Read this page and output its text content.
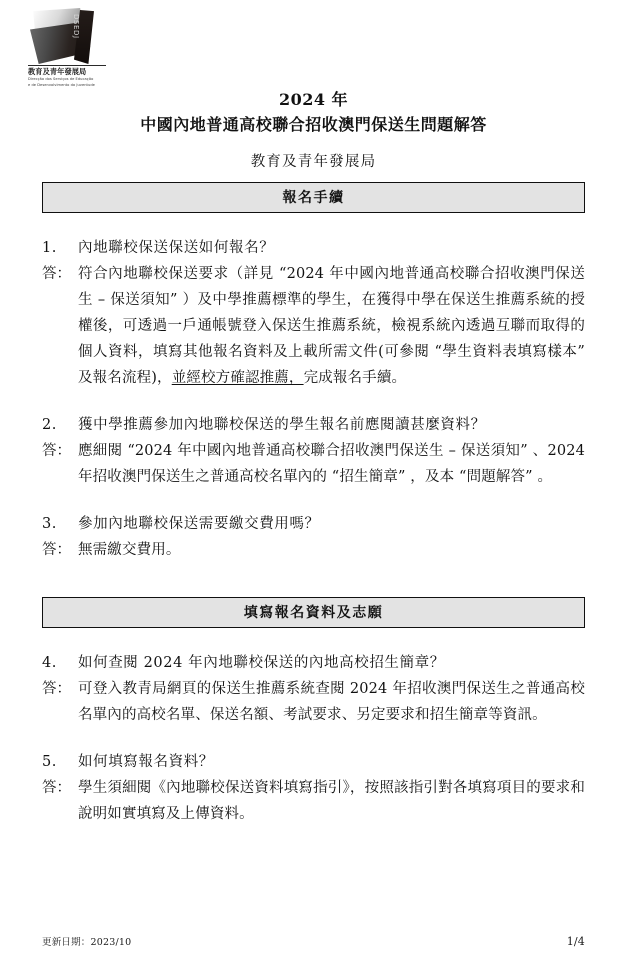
DSEDJ
教育及青年發展局
Direcção dos Serviços de Educação
e de Desenvolvimento da Juventude
2024 年
中國內地普通高校聯合招收澳門保送生問題解答
教育及青年發展局
報名手續
1.	內地聯校保送保送如何報名？
答： 符合內地聯校保送要求（詳見 “2024 年中國內地普通高校聯合招收澳門保送生 – 保送須知” ）及中學推薦標準的學生，在獲得中學在保送生推薦系統的授權後，可透過一戶通帳號登入保送生推薦系統，檢視系統內透過互聯而取得的個人資料，填寫其他報名資料及上載所需文件(可參閱 “學生資料表填寫樣本” 及報名流程)，並經校方確認推薦，完成報名手續。
2.	獲中學推薦參加內地聯校保送的學生報名前應閱讀甚麼資料？
答： 應細閱 “2024 年中國內地普通高校聯合招收澳門保送生 – 保送須知” 、2024 年招收澳門保送生之普通高校名單內的 “招生簡章” ，及本 “問題解答” 。
3.	參加內地聯校保送需要繳交費用嗎？
答： 無需繳交費用。
填寫報名資料及志願
4.	如何查閱 2024 年內地聯校保送的內地高校招生簡章？
答： 可登入教青局網頁的保送生推薦系統查閱 2024 年招收澳門保送生之普通高校名單內的高校名單、保送名額、考試要求、另定要求和招生簡章等資訊。
5.	如何填寫報名資料？
答： 學生須細閱《內地聯校保送資料填寫指引》，按照該指引對各填寫項目的要求和說明如實填寫及上傳資料。
更新日期：2023/10	1/4
